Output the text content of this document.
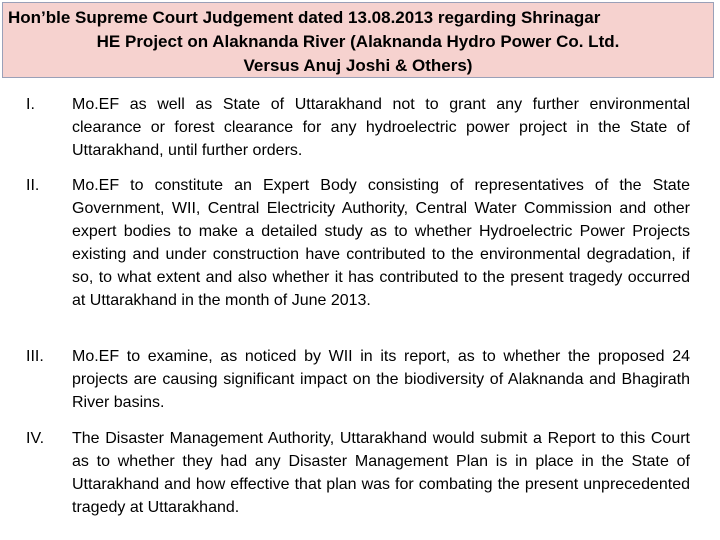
Hon’ble Supreme Court Judgement dated 13.08.2013 regarding Shrinagar
HE Project on Alaknanda River (Alaknanda Hydro Power Co. Ltd.
Versus Anuj Joshi & Others)
I. Mo.EF as well as State of Uttarakhand not to grant any further environmental clearance or forest clearance for any hydroelectric power project in the State of Uttarakhand, until further orders.
II. Mo.EF to constitute an Expert Body consisting of representatives of the State Government, WII, Central Electricity Authority, Central Water Commission and other expert bodies to make a detailed study as to whether Hydroelectric Power Projects existing and under construction have contributed to the environmental degradation, if so, to what extent and also whether it has contributed to the present tragedy occurred at Uttarakhand in the month of June 2013.
III. Mo.EF to examine, as noticed by WII in its report, as to whether the proposed 24 projects are causing significant impact on the biodiversity of Alaknanda and Bhagirath River basins.
IV. The Disaster Management Authority, Uttarakhand would submit a Report to this Court as to whether they had any Disaster Management Plan is in place in the State of Uttarakhand and how effective that plan was for combating the present unprecedented tragedy at Uttarakhand.
